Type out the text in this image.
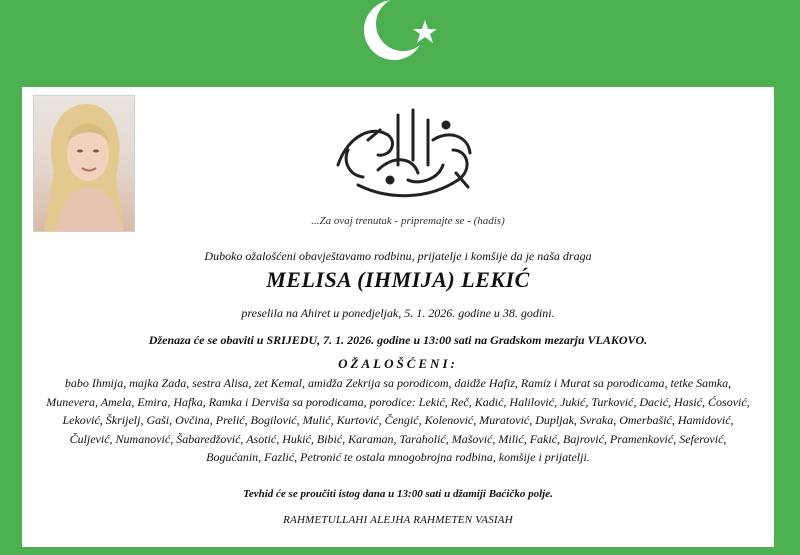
...Za ovaj trenutak - pripremajte se - (hadis)
Duboko ožalošćeni obavještavamo rodbinu, prijatelje i komšije da je naša draga
MELISA (IHMIJA) LEKIĆ
preselila na Ahiret u ponedjeljak, 5. 1. 2026. godine u 38. godini.
Dženaza će se obaviti u SRIJEDU, 7. 1. 2026. godine u 13:00 sati na Gradskom mezarju VLAKOVO.
OŽALOŠĆENI:
babo Ihmija, majka Zada, sestra Alisa, zet Kemal, amidža Zekrija sa porodicom, daidže Hafiz, Ramiz i Murat sa porodicama, tetke Samka, Munevera, Amela, Emira, Hafka, Ramka i Derviša sa porodicama, porodice: Lekić, Reč, Kadić, Halilović, Jukić, Turković, Dacić, Hasić, Ćosović, Leković, Škrijelj, Gaši, Ovčina, Prelić, Bogilović, Mulić, Kurtović, Čengić, Kolenović, Muratović, Dupljak, Svraka, Omerbašić, Hamidović, Čuljević, Numanović, Šabaredžović, Asotić, Hukić, Bibić, Karaman, Taraholić, Mašović, Milić, Fakić, Bajrović, Pramenković, Seferović, Bogućanin, Fazlić, Petronić te ostala mnogobrojna rodbina, komšije i prijatelji.
Tevhid će se proučiti istog dana u 13:00 sati u džamiji Baćičko polje.
RAHMETULLAHI ALEJHA RAHMETEN VASIAH
